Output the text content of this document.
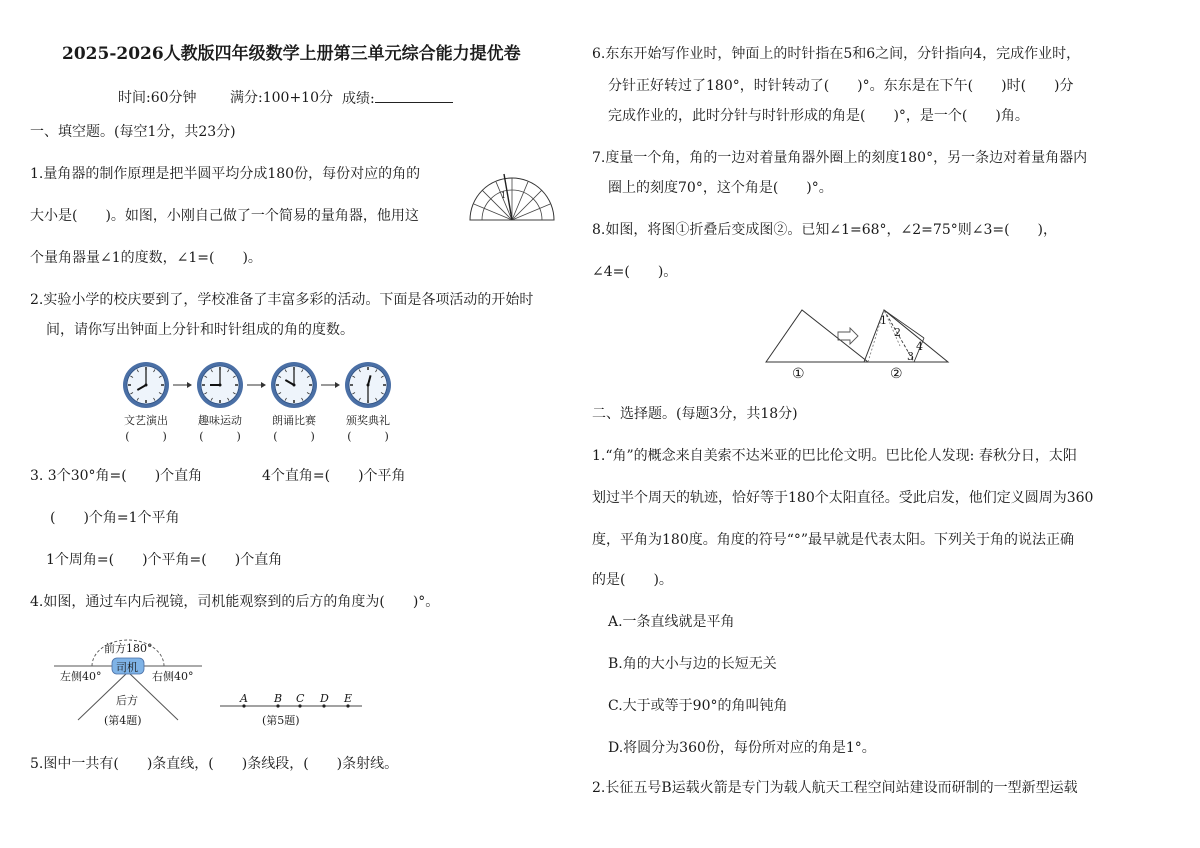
2025-2026人教版四年级数学上册第三单元综合能力提优卷
时间:60分钟 满分:100+10分 成绩:
一、填空题。(每空1分，共23分)
1.量角器的制作原理是把半圆平均分成180份，每份对应的角的
大小是(　　)。如图，小刚自己做了一个简易的量角器，他用这
个量角器量∠1的度数，∠1=(　　)。
1
2.实验小学的校庆要到了，学校准备了丰富多彩的活动。下面是各项活动的开始时
间，请你写出钟面上分针和时针组成的角的度数。
文艺演出	趣味运动	朗诵比赛	颁奖典礼
(　　　)	(　　　)	(　　　)	(　　　)
3. 3个30°角=(　　)个直角	4个直角=(　　)个平角
(　　)个角=1个平角
1个周角=(　　)个平角=(　　)个直角
4.如图，通过车内后视镜，司机能观察到的后方的角度为(　　)°。
前方180°
司机
左侧40°	右侧40°
后方
(第4题)
A B C D E
(第5题)
5.图中一共有(　　)条直线，(　　)条线段，(　　)条射线。
6.东东开始写作业时，钟面上的时针指在5和6之间，分针指向4，完成作业时，
分针正好转过了180°，时针转动了(　　)°。东东是在下午(　　)时(　　)分
完成作业的，此时分针与时针形成的角是(　　)°，是一个(　　)角。
7.度量一个角，角的一边对着量角器外圈上的刻度180°，另一条边对着量角器内
圈上的刻度70°，这个角是(　　)°。
8.如图，将图①折叠后变成图②。已知∠1=68°，∠2=75°则∠3=(　　)，
∠4=(　　)。
1
2
4
3
①	②
二、选择题。(每题3分，共18分)
1.“角”的概念来自美索不达米亚的巴比伦文明。巴比伦人发现: 春秋分日，太阳
划过半个周天的轨迹，恰好等于180个太阳直径。受此启发，他们定义圆周为360
度，平角为180度。角度的符号“°”最早就是代表太阳。下列关于角的说法正确
的是(　　)。
A.一条直线就是平角
B.角的大小与边的长短无关
C.大于或等于90°的角叫钝角
D.将圆分为360份，每份所对应的角是1°。
2.长征五号B运载火箭是专门为载人航天工程空间站建设而研制的一型新型运载
